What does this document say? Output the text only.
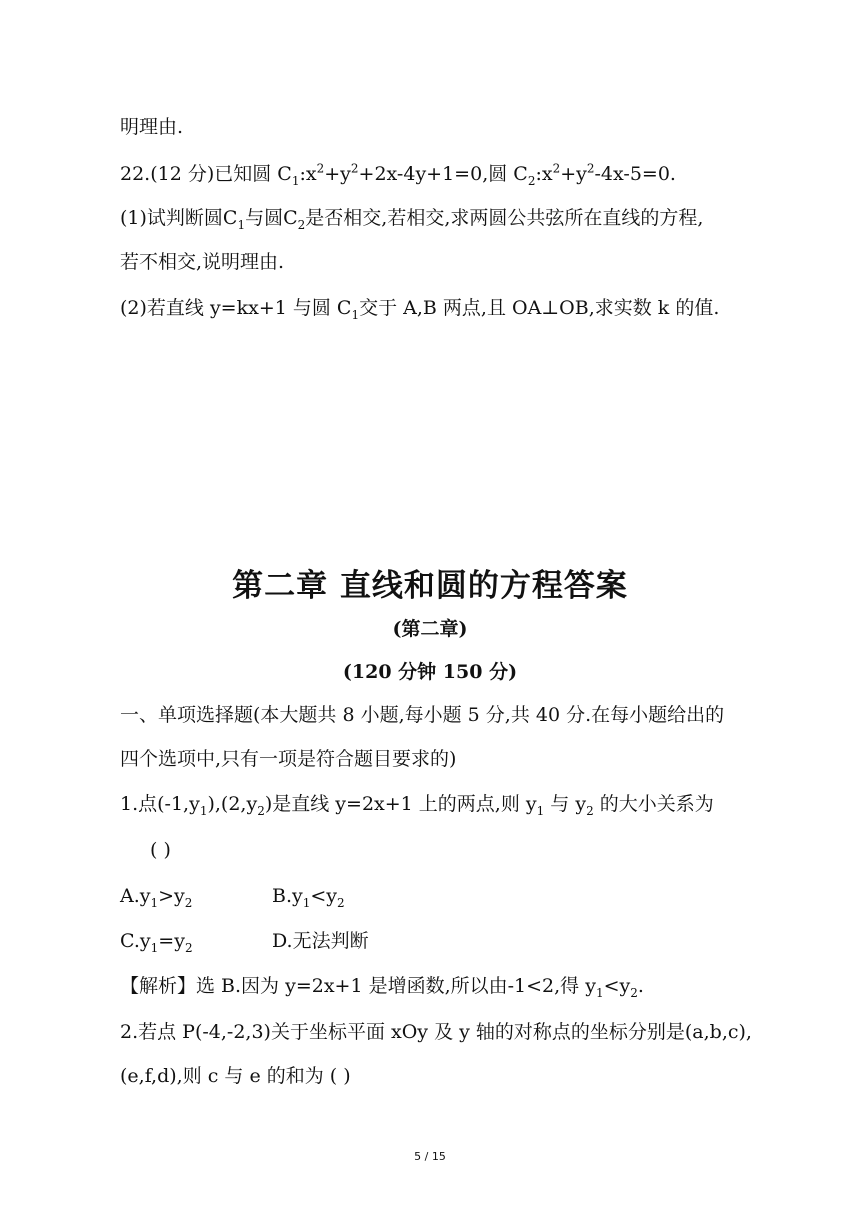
明理由.
22.(12 分)已知圆 $C_1:x^2+y^2+2x-4y+1=0$,圆 $C_2:x^2+y^2-4x-5=0$.
(1)试判断圆$C_1$与圆$C_2$是否相交,若相交,求两圆公共弦所在直线的方程,
若不相交,说明理由.
(2)若直线 y=kx+1 与圆 $C_1$交于 A,B 两点,且 OA⊥OB,求实数 k 的值.
第二章 直线和圆的方程答案
(第二章)
(120 分钟 150 分)
一、单项选择题(本大题共 8 小题,每小题 5 分,共 40 分.在每小题给出的
四个选项中,只有一项是符合题目要求的)
1.点$(-1,y_1),(2,y_2)$是直线 y=2x+1 上的两点,则 $y_1$ 与 $y_2$ 的大小关系为
( )
$A.y_1>y_2$	$B.y_1<y_2$
$C.y_1=y_2$	D.无法判断
【解析】选 B.因为 y=2x+1 是增函数,所以由-1<2,得 $y_1<y_2$.
2.若点 P(-4,-2,3)关于坐标平面 xOy 及 y 轴的对称点的坐标分别是(a,b,c),
(e,f,d),则 c 与 e 的和为 ( )
5 / 15
